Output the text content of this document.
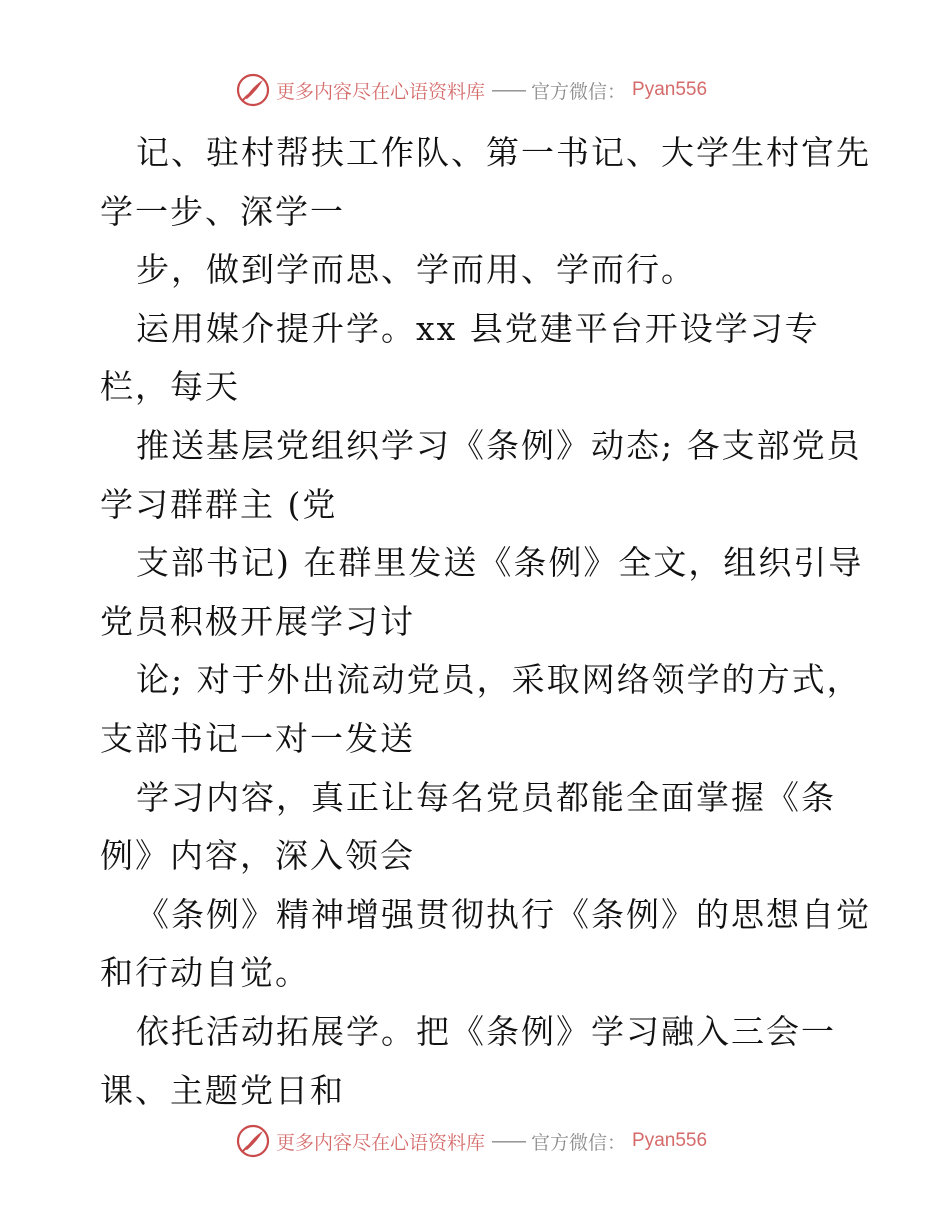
更多内容尽在心语资料库 —— 官方微信： Pyan556
记、驻村帮扶工作队、第一书记、大学生村官先
学一步、深学一
步，做到学而思、学而用、学而行。
运用媒介提升学。xx 县党建平台开设学习专
栏，每天
推送基层党组织学习《条例》动态; 各支部党员
学习群群主 (党
支部书记) 在群里发送《条例》全文，组织引导
党员积极开展学习讨
论; 对于外出流动党员，采取网络领学的方式，
支部书记一对一发送
学习内容，真正让每名党员都能全面掌握《条
例》内容，深入领会
《条例》精神增强贯彻执行《条例》的思想自觉
和行动自觉。
依托活动拓展学。把《条例》学习融入三会一
课、主题党日和
更多内容尽在心语资料库 —— 官方微信： Pyan556
